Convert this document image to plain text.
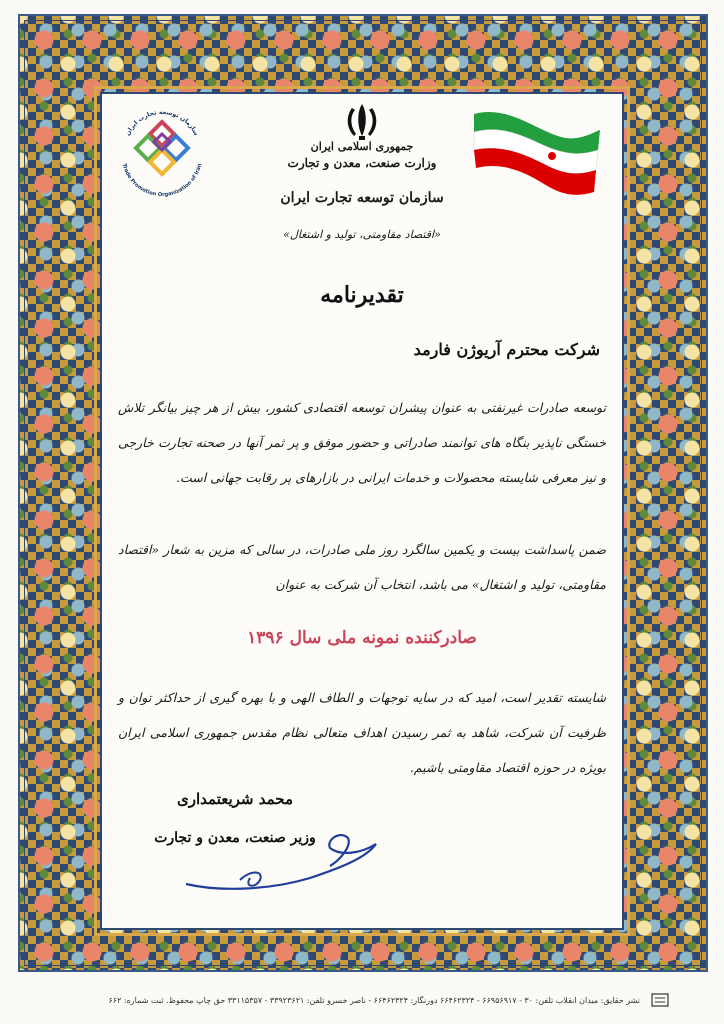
سازمان توسعه تجارت ایران
Trade Promotion Organization of Iran
جمهوری اسلامی ایران
وزارت صنعت، معدن و تجارت
سازمان توسعه تجارت ایران
«اقتصاد مقاومتی، تولید و اشتغال»
تقدیرنامه
شرکت محترم آریوژن فارمد
توسعه صادرات غیرنفتی به عنوان پیشران توسعه اقتصادی کشور، بیش از هر چیز بیانگر تلاش خستگی ناپذیر بنگاه های توانمند صادراتی و حضور موفق و پر ثمر آنها در صحنه تجارت خارجی و نیز معرفی شایسته محصولات و خدمات ایرانی در بازارهای پر رقابت جهانی است.
ضمن پاسداشت بیست و یکمین سالگرد روز ملی صادرات، در سالی که مزین به شعار «اقتصاد مقاومتی، تولید و اشتغال» می باشد، انتخاب آن شرکت به عنوان
صادرکننده نمونه ملی سال ۱۳۹۶
شایسته تقدیر است، امید که در سایه توجهات و الطاف الهی و با بهره گیری از حداکثر توان و ظرفیت آن شرکت، شاهد به ثمر رسیدن اهداف متعالی نظام مقدس جمهوری اسلامی ایران بویژه در حوزه اقتصاد مقاومتی باشیم.
محمد شریعتمداری
وزیر صنعت، معدن و تجارت
نشر حقایق: میدان انقلاب تلفن: ۳۰ - ۶۶۹۵۶۹۱۷ - ۶۶۴۶۲۳۲۴ دورنگار: ۶۶۴۶۲۳۲۴ - ناصر خسرو تلفن: ۳۳۹۲۳۶۲۱ - ۳۳۱۱۵۳۵۷ حق چاپ محفوظ. ثبت شماره: ۶۶۲
